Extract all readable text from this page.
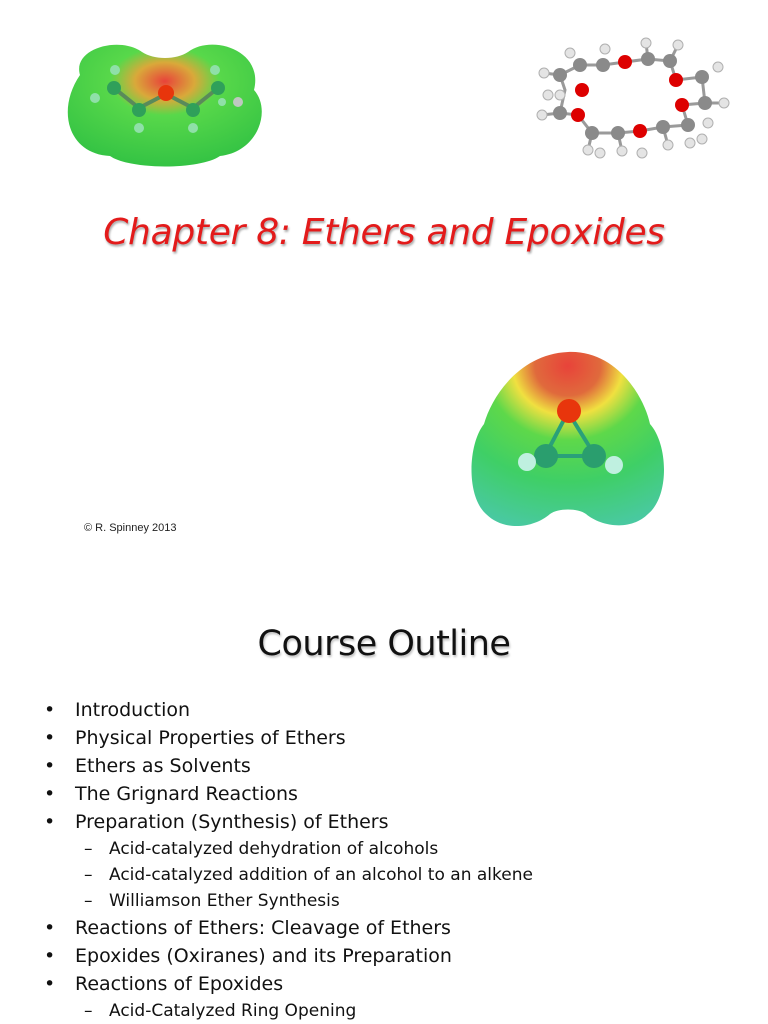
Chapter 8: Ethers and Epoxides
© R. Spinney 2013
Course Outline
• Introduction
• Physical Properties of Ethers
• Ethers as Solvents
• The Grignard Reactions
• Preparation (Synthesis) of Ethers
– Acid-catalyzed dehydration of alcohols
– Acid-catalyzed addition of an alcohol to an alkene
– Williamson Ether Synthesis
• Reactions of Ethers: Cleavage of Ethers
• Epoxides (Oxiranes) and its Preparation
• Reactions of Epoxides
– Acid-Catalyzed Ring Opening
